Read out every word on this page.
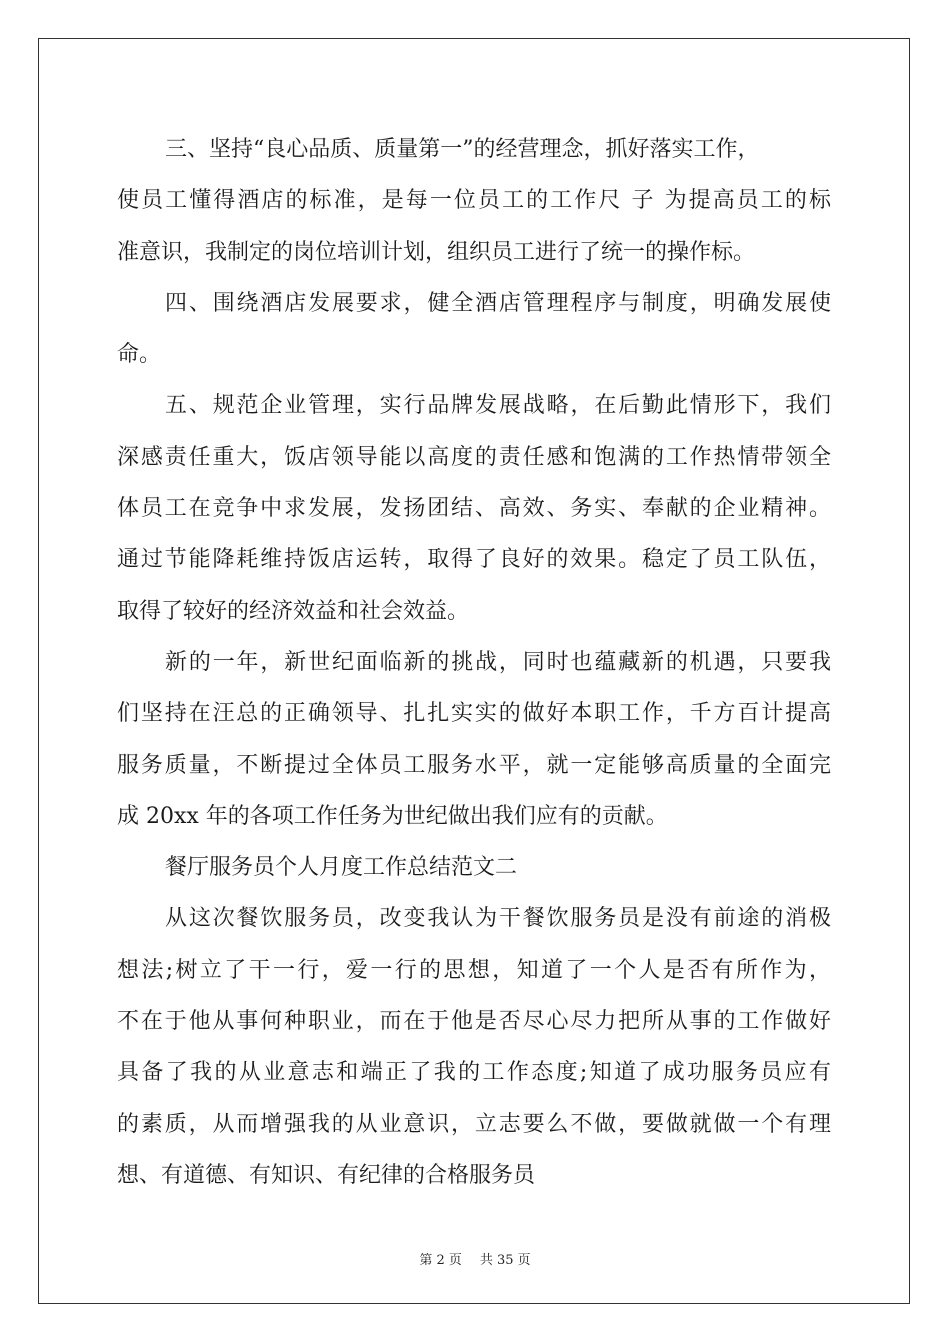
三、坚持“良心品质、质量第一”的经营理念，抓好落实工作，
使员工懂得酒店的标准，是每一位员工的工作尺 子 为提高员工的标
准意识，我制定的岗位培训计划，组织员工进行了统一的操作标。
四、围绕酒店发展要求，健全酒店管理程序与制度，明确发展使
命。
五、规范企业管理，实行品牌发展战略，在后勤此情形下，我们
深感责任重大，饭店领导能以高度的责任感和饱满的工作热情带领全
体员工在竞争中求发展，发扬团结、高效、务实、奉献的企业精神。
通过节能降耗维持饭店运转，取得了良好的效果。稳定了员工队伍，
取得了较好的经济效益和社会效益。
新的一年，新世纪面临新的挑战，同时也蕴藏新的机遇，只要我
们坚持在汪总的正确领导、扎扎实实的做好本职工作，千方百计提高
服务质量，不断提过全体员工服务水平，就一定能够高质量的全面完
成 20xx 年的各项工作任务为世纪做出我们应有的贡献。
餐厅服务员个人月度工作总结范文二
从这次餐饮服务员，改变我认为干餐饮服务员是没有前途的消极
想法;树立了干一行，爱一行的思想，知道了一个人是否有所作为，
不在于他从事何种职业，而在于他是否尽心尽力把所从事的工作做好
具备了我的从业意志和端正了我的工作态度;知道了成功服务员应有
的素质，从而增强我的从业意识，立志要么不做，要做就做一个有理
想、有道德、有知识、有纪律的合格服务员
第 2 页 共 35 页
